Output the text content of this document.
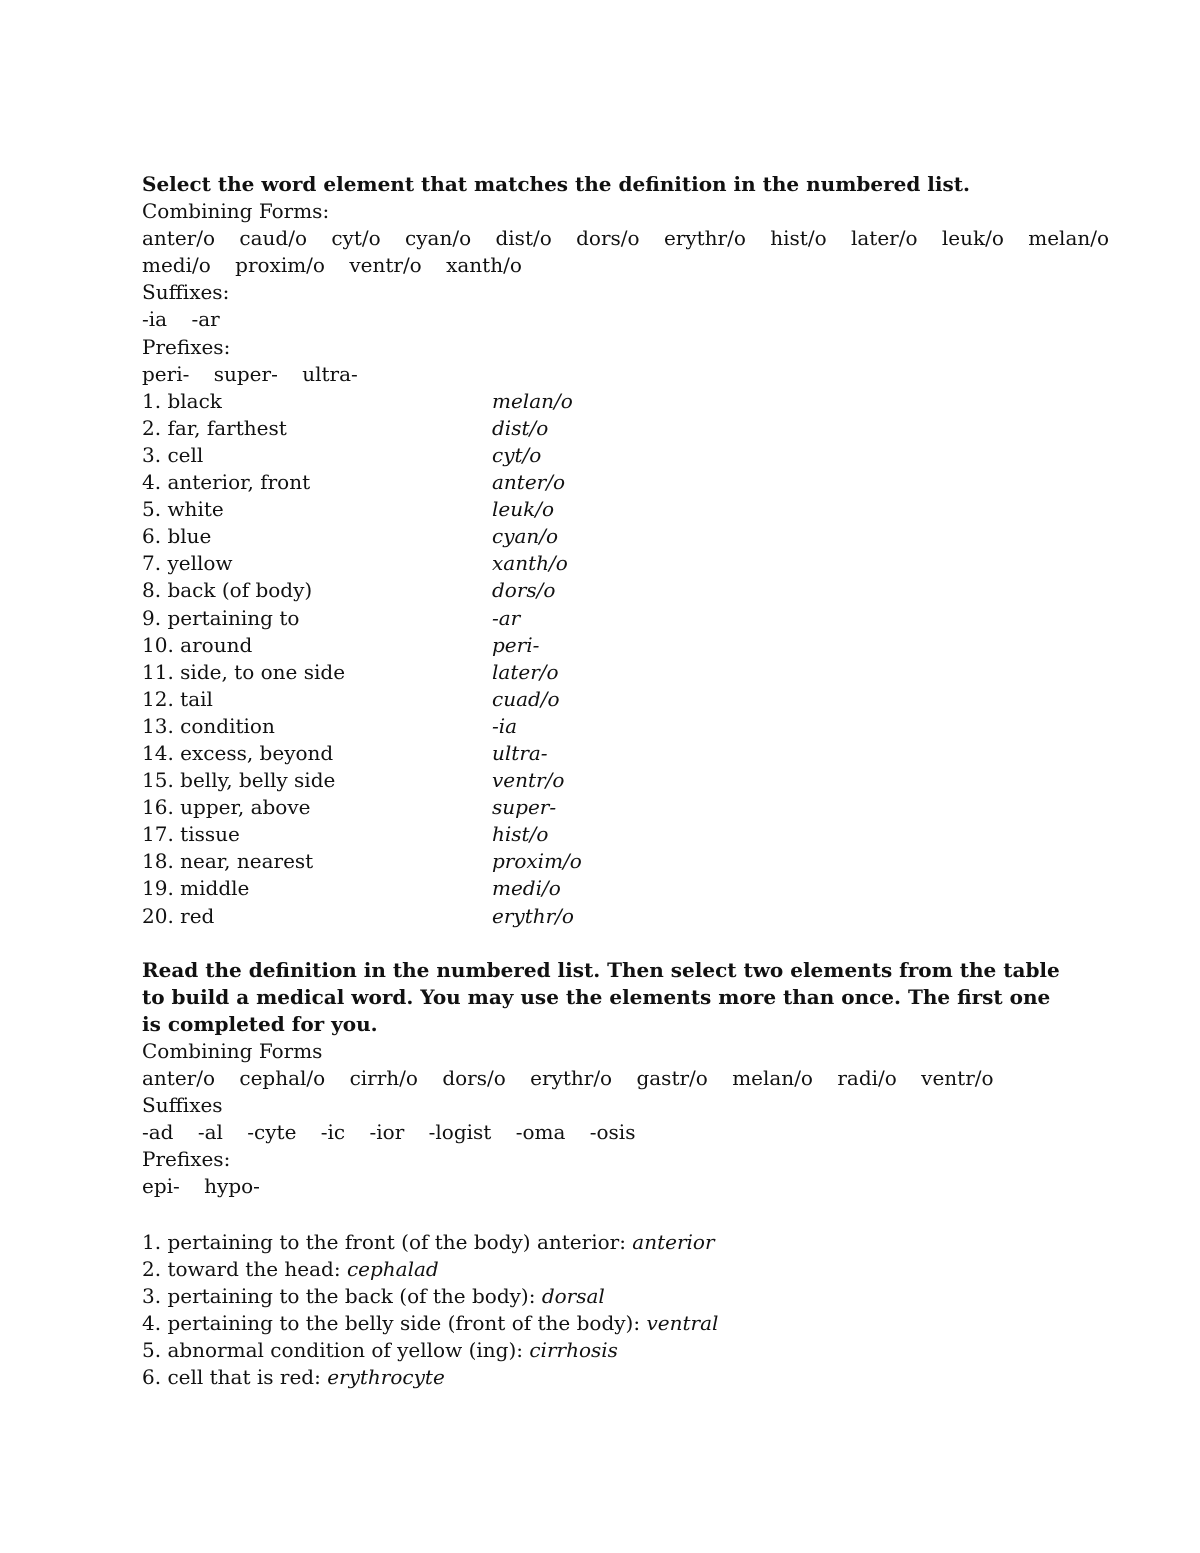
Select the word element that matches the definition in the numbered list.
Combining Forms:
anter/o caud/o cyt/o cyan/o dist/o dors/o erythr/o hist/o later/o leuk/o melan/o
medi/o proxim/o ventr/o xanth/o
Suffixes:
-ia -ar
Prefixes:
peri- super- ultra-
1. black	melan/o
2. far, farthest	dist/o
3. cell	cyt/o
4. anterior, front	anter/o
5. white	leuk/o
6. blue	cyan/o
7. yellow	xanth/o
8. back (of body)	dors/o
9. pertaining to	-ar
10. around	peri-
11. side, to one side	later/o
12. tail	cuad/o
13. condition	-ia
14. excess, beyond	ultra-
15. belly, belly side	ventr/o
16. upper, above	super-
17. tissue	hist/o
18. near, nearest	proxim/o
19. middle	medi/o
20. red	erythr/o
Read the definition in the numbered list. Then select two elements from the table to build a medical word. You may use the elements more than once. The first one is completed for you.
Combining Forms
anter/o cephal/o cirrh/o dors/o erythr/o gastr/o melan/o radi/o ventr/o
Suffixes
-ad -al -cyte -ic -ior -logist -oma -osis
Prefixes:
epi- hypo-
1. pertaining to the front (of the body) anterior: anterior
2. toward the head: cephalad
3. pertaining to the back (of the body): dorsal
4. pertaining to the belly side (front of the body): ventral
5. abnormal condition of yellow (ing): cirrhosis
6. cell that is red: erythrocyte
